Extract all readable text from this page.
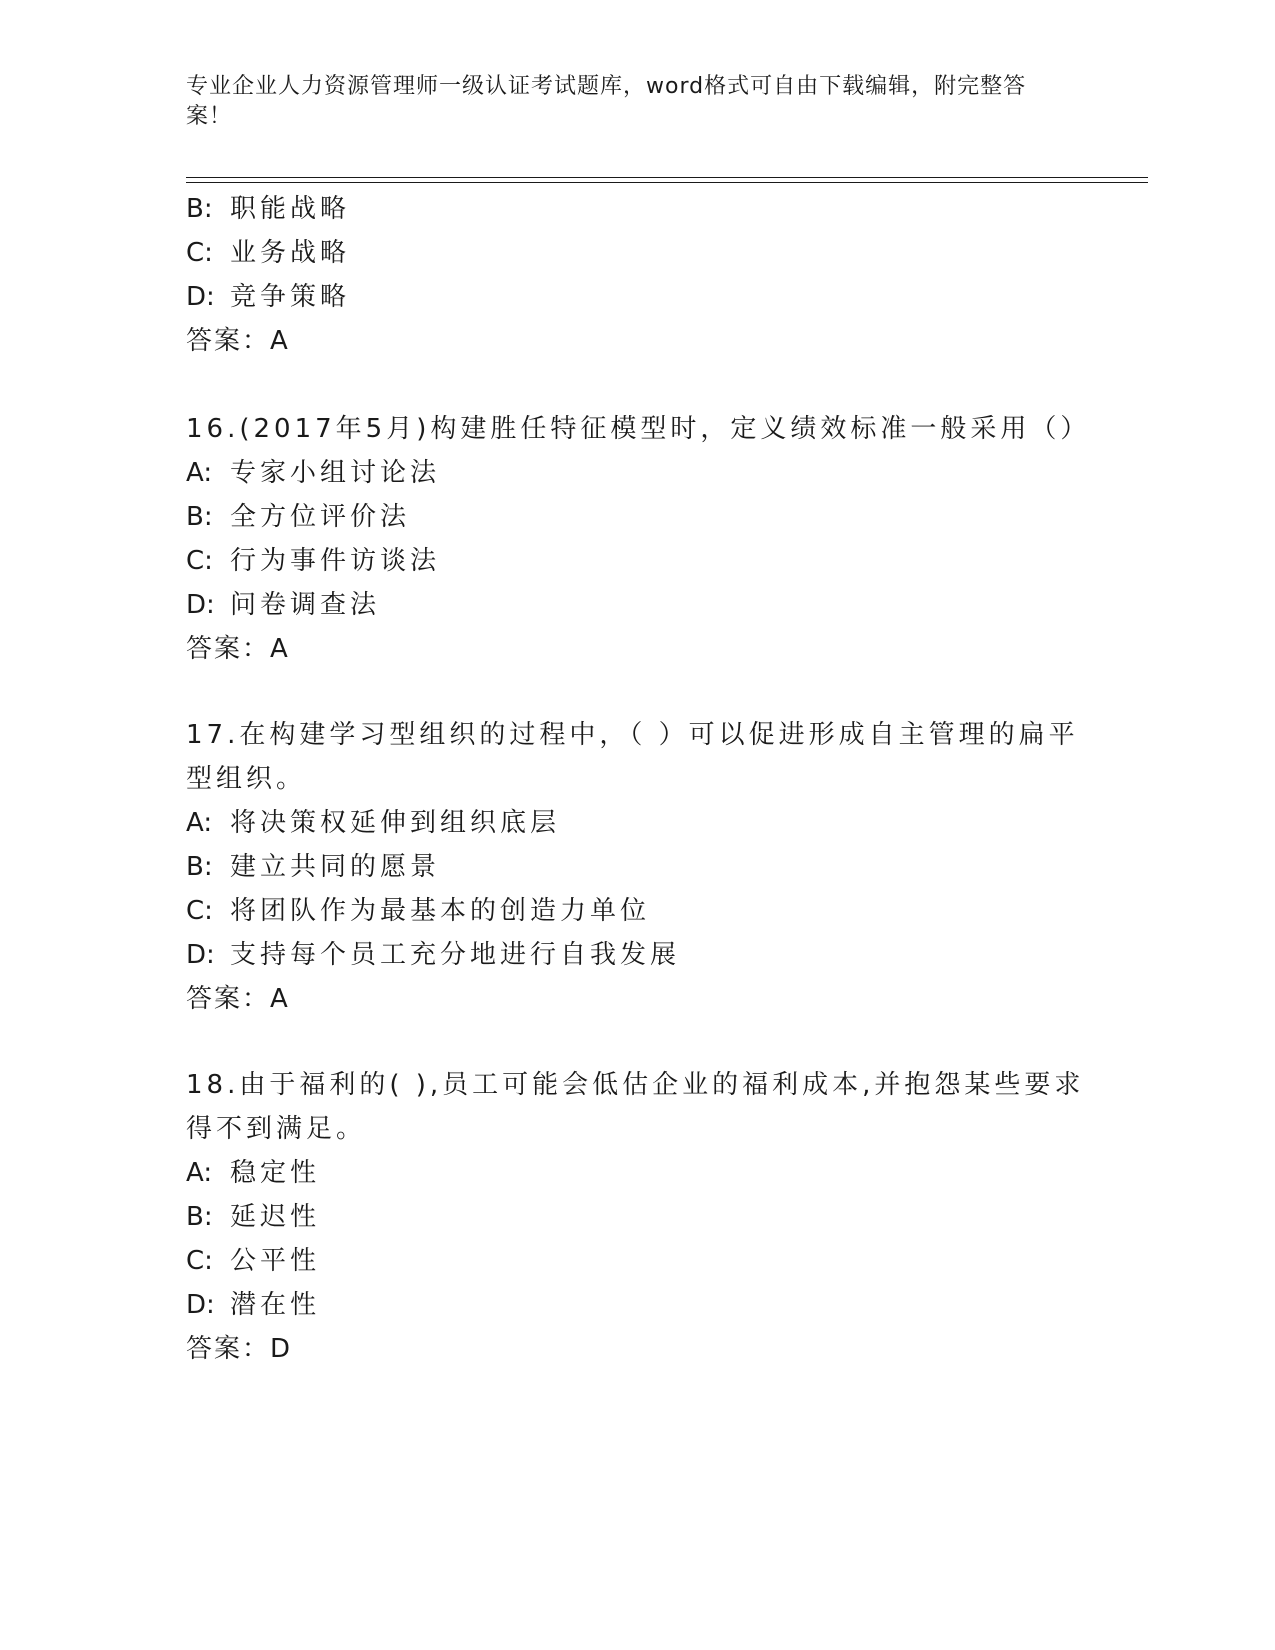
专业企业人力资源管理师一级认证考试题库，word格式可自由下载编辑，附完整答案！
B: 职能战略
C: 业务战略
D: 竞争策略
答案：A
16.(2017年5月)构建胜任特征模型时，定义绩效标准一般采用（）
A: 专家小组讨论法
B: 全方位评价法
C: 行为事件访谈法
D: 问卷调查法
答案：A
17.在构建学习型组织的过程中，（ ）可以促进形成自主管理的扁平
型组织。
A: 将决策权延伸到组织底层
B: 建立共同的愿景
C: 将团队作为最基本的创造力单位
D: 支持每个员工充分地进行自我发展
答案：A
18.由于福利的( ),员工可能会低估企业的福利成本,并抱怨某些要求
得不到满足。
A: 稳定性
B: 延迟性
C: 公平性
D: 潜在性
答案：D
